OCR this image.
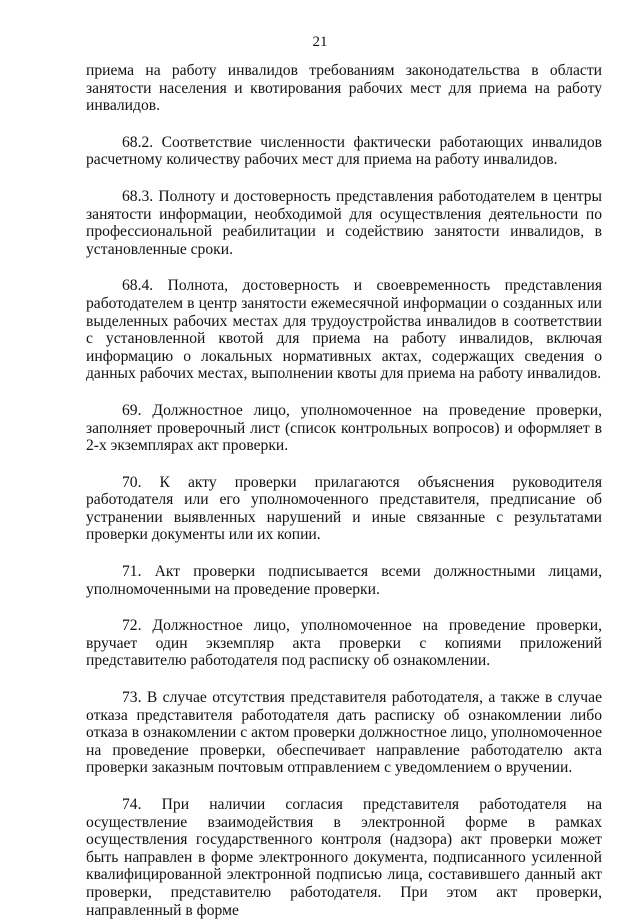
21

приема на работу инвалидов требованиям законодательства в области занятости населения и квотирования рабочих мест для приема на работу инвалидов.

68.2. Соответствие численности фактически работающих инвалидов расчетному количеству рабочих мест для приема на работу инвалидов.

68.3. Полноту и достоверность представления работодателем в центры занятости информации, необходимой для осуществления деятельности по профессиональной реабилитации и содействию занятости инвалидов, в установленные сроки.

68.4. Полнота, достоверность и своевременность представления работодателем в центр занятости ежемесячной информации о созданных или выделенных рабочих местах для трудоустройства инвалидов в соответствии с установленной квотой для приема на работу инвалидов, включая информацию о локальных нормативных актах, содержащих сведения о данных рабочих местах, выполнении квоты для приема на работу инвалидов.

69. Должностное лицо, уполномоченное на проведение проверки, заполняет проверочный лист (список контрольных вопросов) и оформляет в 2-х экземплярах акт проверки.

70. К акту проверки прилагаются объяснения руководителя работодателя или его уполномоченного представителя, предписание об устранении выявленных нарушений и иные связанные с результатами проверки документы или их копии.

71. Акт проверки подписывается всеми должностными лицами, уполномоченными на проведение проверки.

72. Должностное лицо, уполномоченное на проведение проверки, вручает один экземпляр акта проверки с копиями приложений представителю работодателя под расписку об ознакомлении.

73. В случае отсутствия представителя работодателя, а также в случае отказа представителя работодателя дать расписку об ознакомлении либо отказа в ознакомлении с актом проверки должностное лицо, уполномоченное на проведение проверки, обеспечивает направление работодателю акта проверки заказным почтовым отправлением с уведомлением о вручении.

74. При наличии согласия представителя работодателя на осуществление взаимодействия в электронной форме в рамках осуществления государственного контроля (надзора) акт проверки может быть направлен в форме электронного документа, подписанного усиленной квалифицированной электронной подписью лица, составившего данный акт проверки, представителю работодателя. При этом акт проверки, направленный в форме
